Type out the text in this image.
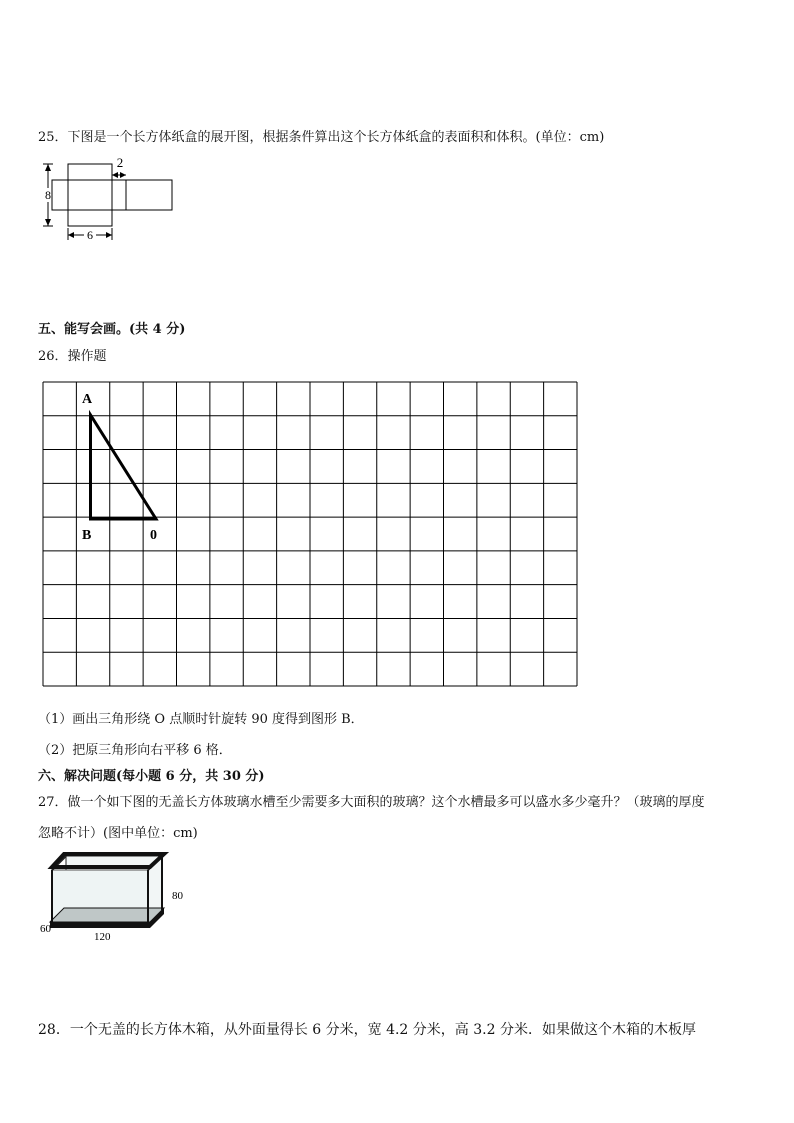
25．下图是一个长方体纸盒的展开图，根据条件算出这个长方体纸盒的表面积和体积。(单位：cm)
8
2
6
五、能写会画。(共 4 分)
26．操作题
A
B	0
（1）画出三角形绕 O 点顺时针旋转 90 度得到图形 B．
（2）把原三角形向右平移 6 格．
六、解决问题(每小题 6 分，共 30 分)
27．做一个如下图的无盖长方体玻璃水槽至少需要多大面积的玻璃？这个水槽最多可以盛水多少毫升？（玻璃的厚度
忽略不计）(图中单位：cm)
80
120
60
28．一个无盖的长方体木箱，从外面量得长 6 分米，宽 4.2 分米，高 3.2 分米．如果做这个木箱的木板厚
